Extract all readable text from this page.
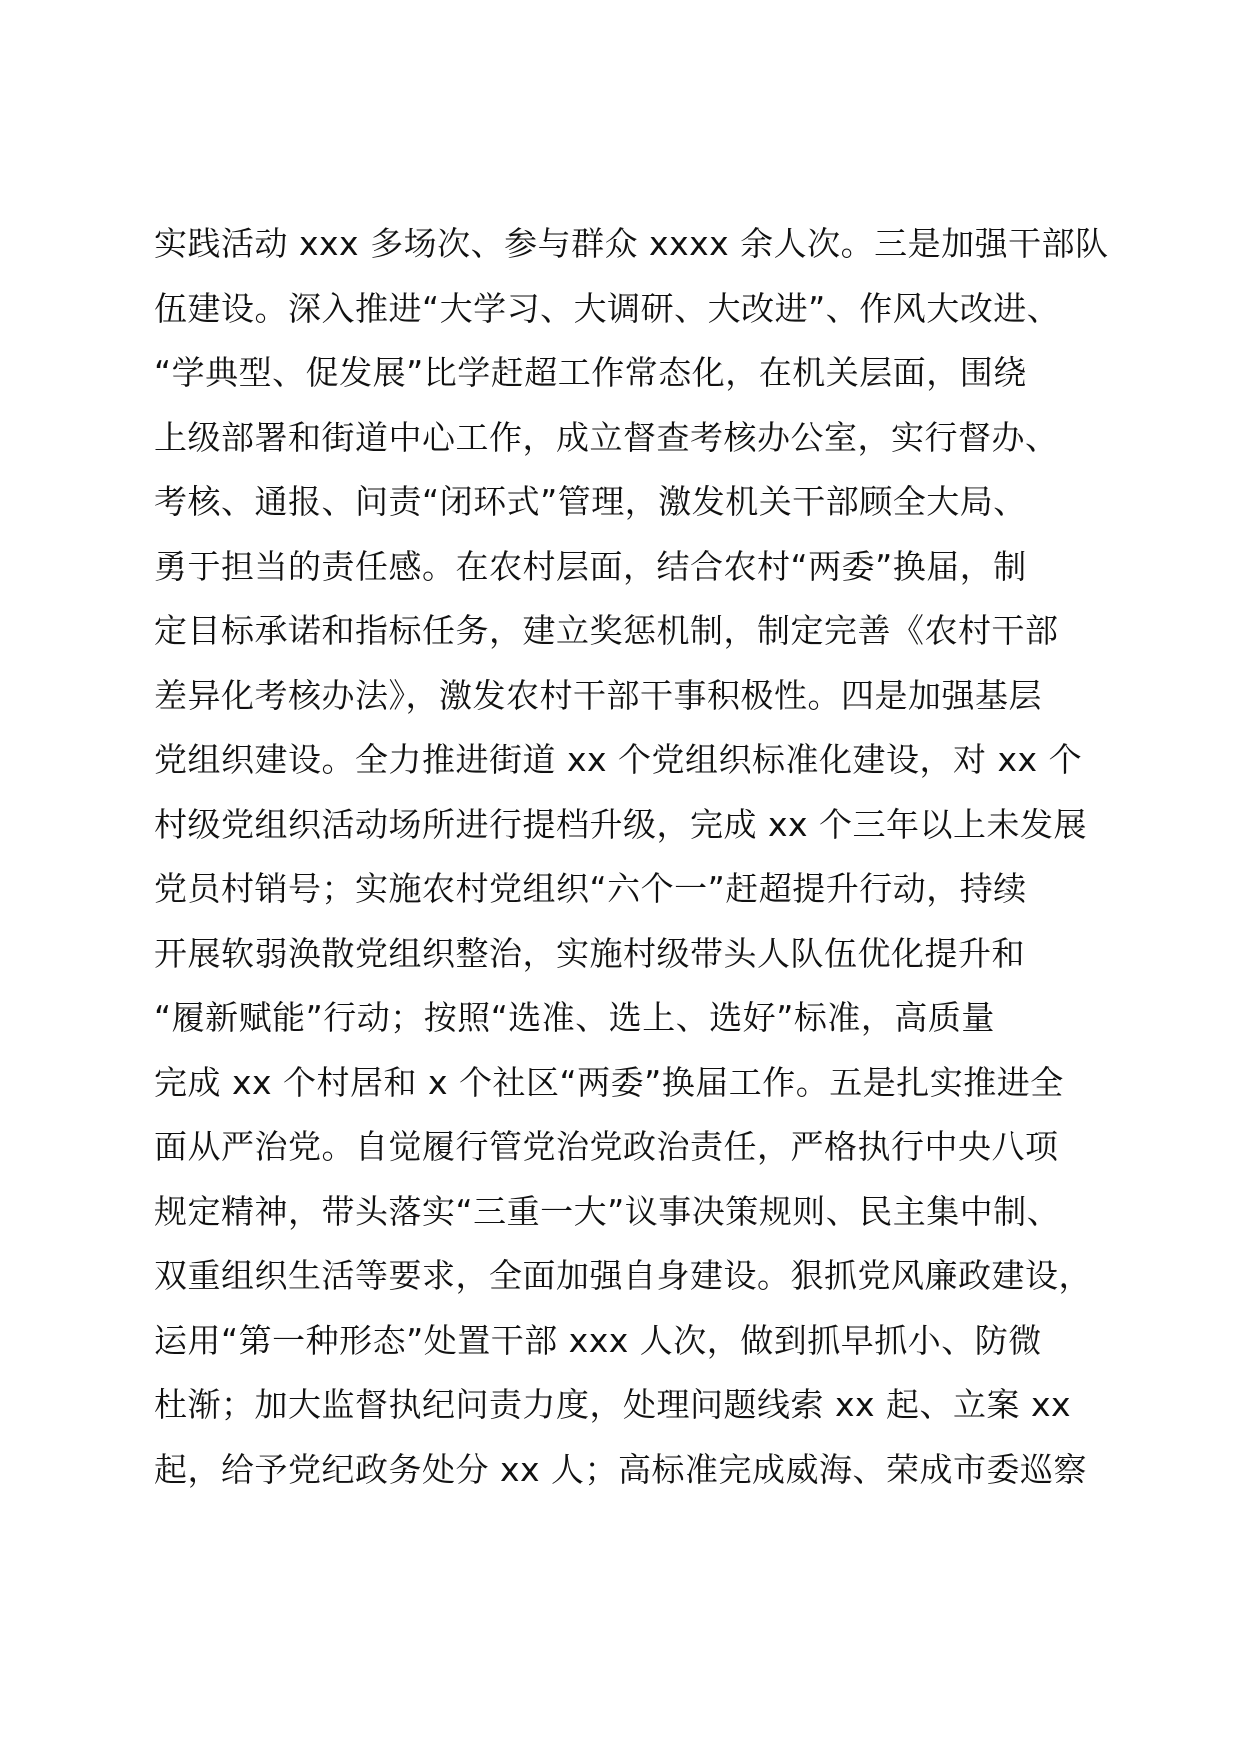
实践活动 xxx 多场次、参与群众 xxxx 余人次。三是加强干部队
伍建设。深入推进“大学习、大调研、大改进”、作风大改进、
“学典型、促发展”比学赶超工作常态化，在机关层面，围绕
上级部署和街道中心工作，成立督查考核办公室，实行督办、
考核、通报、问责“闭环式”管理，激发机关干部顾全大局、
勇于担当的责任感。在农村层面，结合农村“两委”换届，制
定目标承诺和指标任务，建立奖惩机制，制定完善《农村干部
差异化考核办法》，激发农村干部干事积极性。四是加强基层
党组织建设。全力推进街道 xx 个党组织标准化建设，对 xx 个
村级党组织活动场所进行提档升级，完成 xx 个三年以上未发展
党员村销号；实施农村党组织“六个一”赶超提升行动，持续
开展软弱涣散党组织整治，实施村级带头人队伍优化提升和
“履新赋能”行动；按照“选准、选上、选好”标准，高质量
完成 xx 个村居和 x 个社区“两委”换届工作。五是扎实推进全
面从严治党。自觉履行管党治党政治责任，严格执行中央八项
规定精神，带头落实“三重一大”议事决策规则、民主集中制、
双重组织生活等要求，全面加强自身建设。狠抓党风廉政建设，
运用“第一种形态”处置干部 xxx 人次，做到抓早抓小、防微
杜渐；加大监督执纪问责力度，处理问题线索 xx 起、立案 xx
起，给予党纪政务处分 xx 人；高标准完成威海、荣成市委巡察
